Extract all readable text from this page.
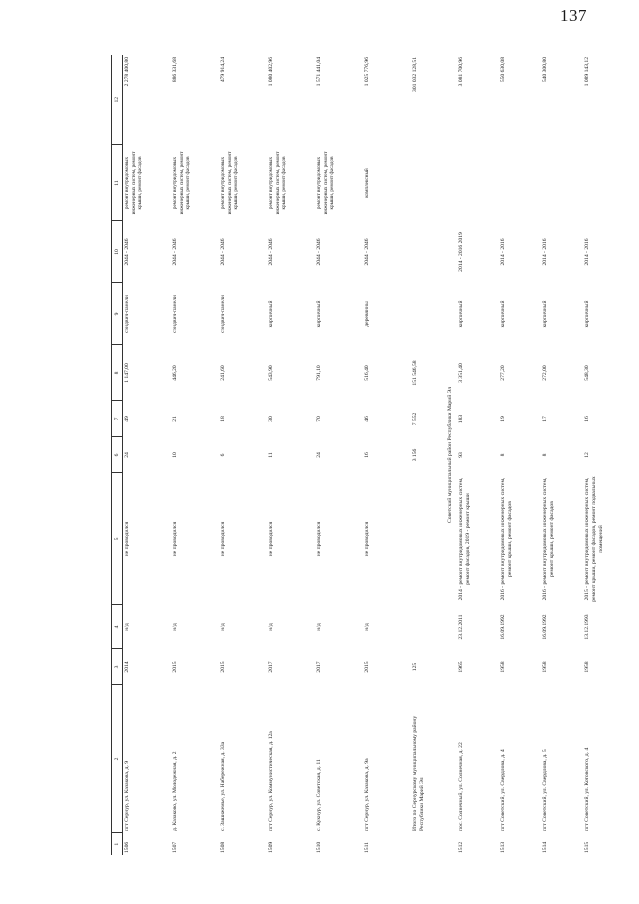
137
1	2	3	4	5	6	7	8	9	10	11	12
1506	пгт Сернур, ул. Казакова, д. 9	2014	н/д	не проводился	24	49	1 147,00	сэндвич-панели	2044 - 2046	ремонт внутридомовых инженерных систем, ремонт крыши, ремонт фасадов	2 278 400,80
1507	д. Казаково, ул. Молодежная, д. 2	2015	н/д	не проводился	10	21	446,20	сэндвич-панели	2044 - 2046	ремонт внутридомовых инженерных систем, ремонт крыши, ремонт фасадов	886 331,68
1508	с. Зашижемье, ул. Набережная, д. 33а	2015	н/д	не проводился	6	18	241,60	сэндвич-панели	2044 - 2046	ремонт внутридомовых инженерных систем, ремонт крыши, ремонт фасадов	479 914,24
1509	пгт Сернур, ул. Коммунистическая, д. 12а	2017	н/д	не проводился	11	30	543,90	кирпичный	2044 - 2046	ремонт внутридомовых инженерных систем, ремонт крыши, ремонт фасадов	1 080 402,96
1510	с. Кукнур, ул. Советская, д. 11	2017	н/д	не проводился	24	70	791,10	кирпичный	2044 - 2046	ремонт внутридомовых инженерных систем, ремонт крыши, ремонт фасадов	1 571 441,04
1511	пгт Сернур, ул. Казакова, д. 9а	2015	н/д	не проводился	16	46	516,40	деревянны	2044 - 2046	комплексный	1 025 776,96
	Итого по Сернурскому муниципальному району Республики Марий Эл	125			3 156	7 552	151 546,58				301 032 128,51
Советский муниципальный район Республики Марий Эл											
1512	пос. Солнечный, ул. Солнечная, д. 22	1965	23.12.2011	2014 - ремонт внутридомовых инженерных систем, ремонт фасадов, 2019 - ремонт крыши	93	183	3 351,40	кирпичный	2014 - 2016 2019		3 081 700,96
1513	пгт Советский, ул. Свердлова, д. 4	1958	16.09.1992	2016 - ремонт внутридомовых инженерных систем, ремонт крыши, ремонт фасадов	8	19	277,20	кирпичный	2014 - 2016		550 630,08
1514	пгт Советский, ул. Свердлова, д. 5	1958	16.09.1992	2016 - ремонт внутридомовых инженерных систем, ремонт крыши, ремонт фасадов	8	17	272,00	кирпичный	2014 - 2016		540 300,80
1515	пгт Советский, ул. Котовского, д. 4	1958	13.12.1993	2015 - ремонт внутридомовых инженерных систем, ремонт крыши, ремонт фасадов, ремонт подвальных помещений	12	16	548,30	кирпичный	2014 - 2016		1 089 143,12
